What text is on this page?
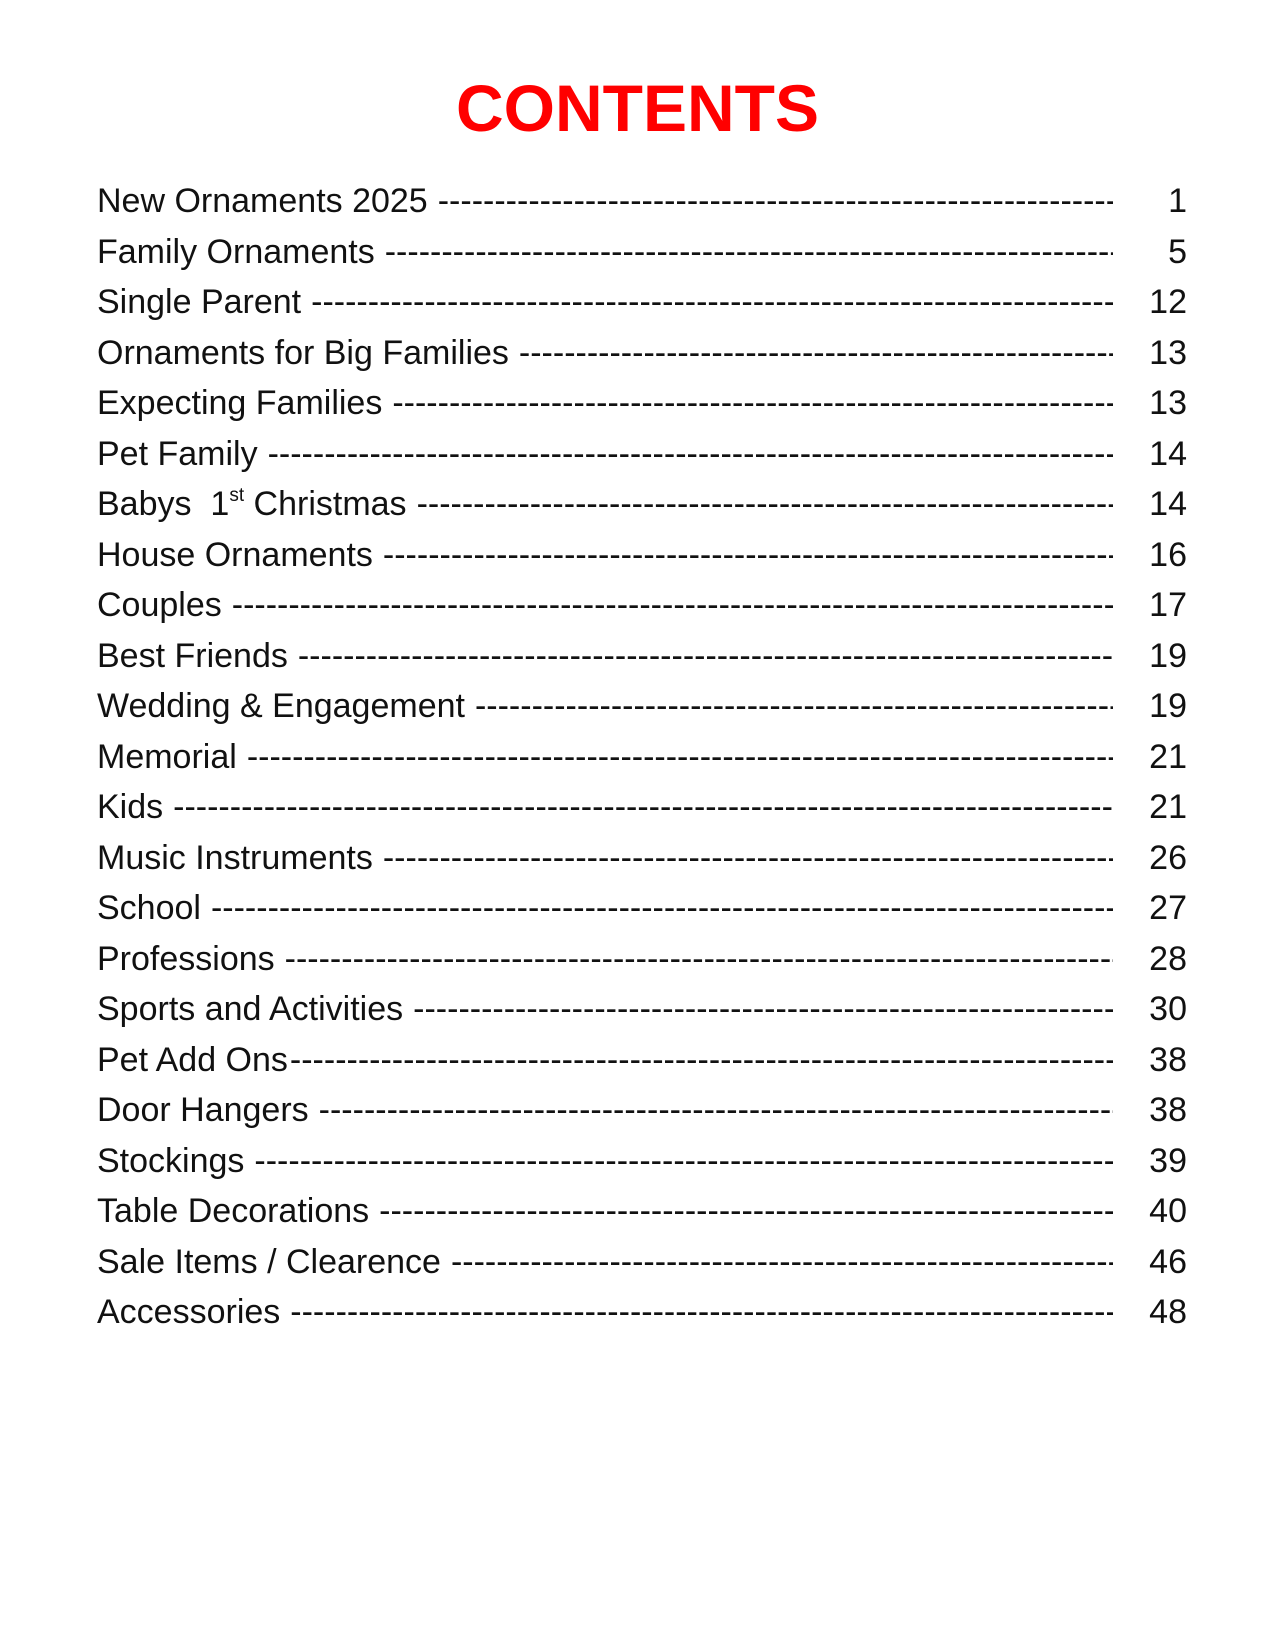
CONTENTS
New Ornaments 2025 -----	1
Family Ornaments -----	5
Single Parent -----	12
Ornaments for Big Families -----	13
Expecting Families -----	13
Pet Family -----	14
Babys  1st Christmas -----	14
House Ornaments -----	16
Couples -----	17
Best Friends -----	19
Wedding & Engagement -----	19
Memorial -----	21
Kids -----	21
Music Instruments -----	26
School -----	27
Professions -----	28
Sports and Activities -----	30
Pet Add Ons -----	38
Door Hangers -----	38
Stockings -----	39
Table Decorations -----	40
Sale Items / Clearence -----	46
Accessories -----	48
